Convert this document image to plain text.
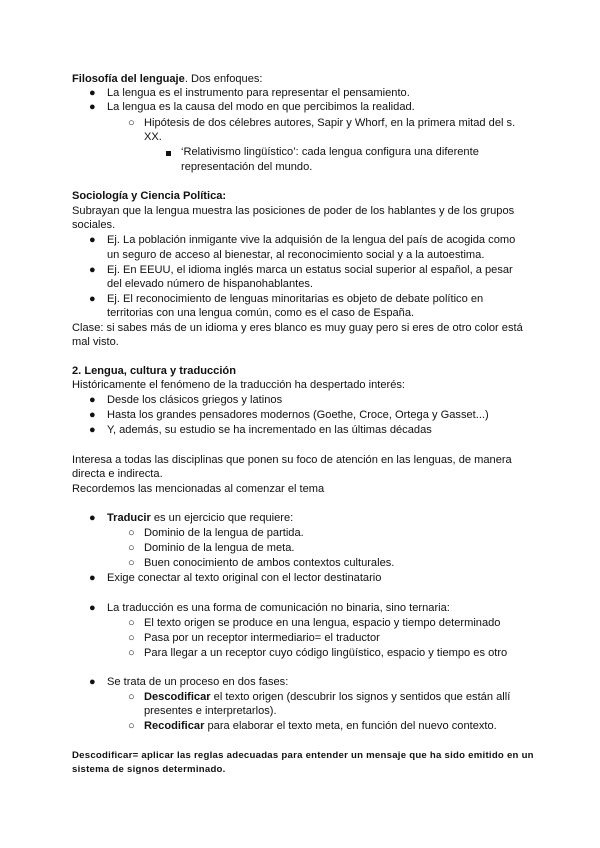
Filosofía del lenguaje. Dos enfoques:
● La lengua es el instrumento para representar el pensamiento.
● La lengua es la causa del modo en que percibimos la realidad.
○ Hipótesis de dos célebres autores, Sapir y Whorf, en la primera mitad del s.
XX.
‘Relativismo lingüístico’: cada lengua configura una diferente
representación del mundo.
Sociología y Ciencia Política:
Subrayan que la lengua muestra las posiciones de poder de los hablantes y de los grupos
sociales.
● Ej. La población inmigante vive la adquisión de la lengua del país de acogida como
un seguro de acceso al bienestar, al reconocimiento social y a la autoestima.
● Ej. En EEUU, el idioma inglés marca un estatus social superior al español, a pesar
del elevado número de hispanohablantes.
● Ej. El reconocimiento de lenguas minoritarias es objeto de debate político en
territorias con una lengua común, como es el caso de España.
Clase: si sabes más de un idioma y eres blanco es muy guay pero si eres de otro color está
mal visto.
2. Lengua, cultura y traducción
Históricamente el fenómeno de la traducción ha despertado interés:
● Desde los clásicos griegos y latinos
● Hasta los grandes pensadores modernos (Goethe, Croce, Ortega y Gasset...)
● Y, además, su estudio se ha incrementado en las últimas décadas
Interesa a todas las disciplinas que ponen su foco de atención en las lenguas, de manera
directa e indirecta.
Recordemos las mencionadas al comenzar el tema
● Traducir es un ejercicio que requiere:
○ Dominio de la lengua de partida.
○ Dominio de la lengua de meta.
○ Buen conocimiento de ambos contextos culturales.
● Exige conectar al texto original con el lector destinatario
● La traducción es una forma de comunicación no binaria, sino ternaria:
○ El texto origen se produce en una lengua, espacio y tiempo determinado
○ Pasa por un receptor intermediario= el traductor
○ Para llegar a un receptor cuyo código lingüístico, espacio y tiempo es otro
● Se trata de un proceso en dos fases:
○ Descodificar el texto origen (descubrir los signos y sentidos que están allí
presentes e interpretarlos).
○ Recodificar para elaborar el texto meta, en función del nuevo contexto.
Descodificar= aplicar las reglas adecuadas para entender un mensaje que ha sido emitido en un
sistema de signos determinado.
